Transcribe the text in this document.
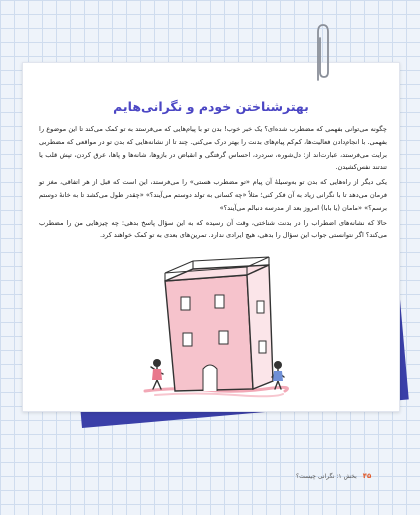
بهترشناختن خودم و نگرانی‌هایم

چگونه می‌توانی بفهمی که مضطرب شده‌ای؟ یک خبر خوب! بدن تو با پیام‌هایی که می‌فرستد به تو کمک می‌کند تا این موضوع را بفهمی. با انجام‌دادن فعالیت‌ها، کم‌کم پیام‌های بدنت را بهتر درک می‌کنی. چند تا از نشانه‌هایی که بدن تو در مواقعی که مضطربی برایت می‌فرستد، عبارت‌اند از: دل‌شوره، سردرد، احساس گرفتگی و انقباض در بازوها، شانه‌ها و پاها، عرق کردن، تپش قلب یا تندتند نفس‌کشیدن.

یکی دیگر از راه‌هایی که بدن تو به‌وسیلهٔ آن پیام «تو مضطرب هستی» را می‌فرستد، این است که قبل از هر اتفاقی، مغز تو فرمان می‌دهد تا با نگرانی زیاد به آن فکر کنی؛ مثلاً «چه کسانی به تولد دوستم می‌آیند؟» «چقدر طول می‌کشد تا به خانهٔ دوستم برسم؟» «مامان (یا بابا) امروز بعد از مدرسه دنبالم می‌آیند؟»

حالا که نشانه‌های اضطراب را در بدنت شناختی، وقت آن رسیده که به این سؤال پاسخ بدهی: چه چیزهایی من را مضطرب می‌کند؟ اگر نتوانستی جواب این سؤال را بدهی، هیچ ایرادی ندارد. تمرین‌های بعدی به تو کمک خواهند کرد.

۴۵
بخش ۱: نگرانی چیست؟
